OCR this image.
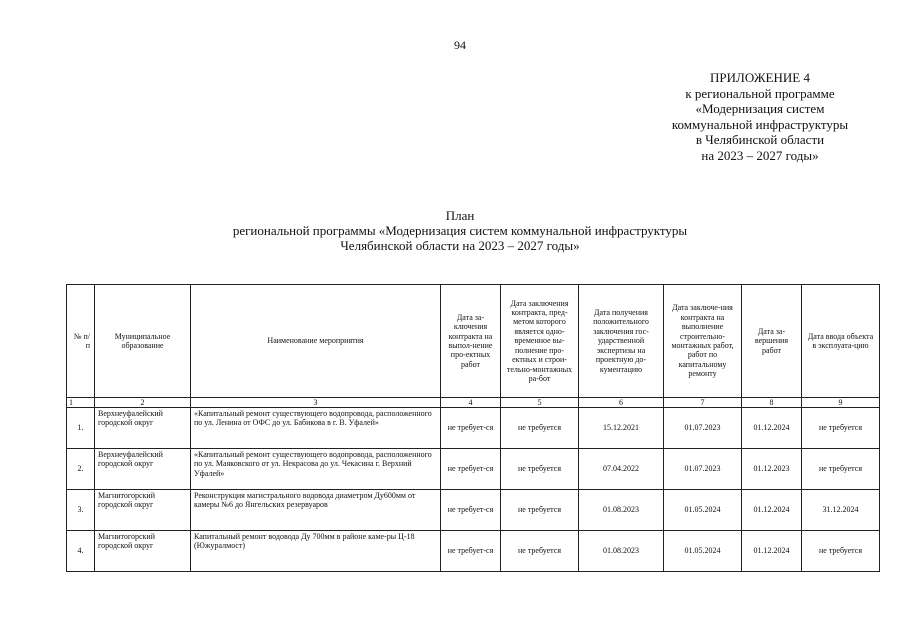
94
ПРИЛОЖЕНИЕ 4
к региональной программе
«Модернизация систем
коммунальной инфраструктуры
в Челябинской области
на 2023 – 2027 годы»
План
региональной программы «Модернизация систем коммунальной инфраструктуры
Челябинской области на 2023 – 2027 годы»
№ п/п	Муниципальное образование	Наименование мероприятия	Дата за-ключения контракта на выпол-нение про-ектных работ	Дата заключения контракта, пред-метом которого является одно-временное вы-полнение про-ектных и строи-тельно-монтажных ра-бот	Дата получения положительного заключения гос-ударственной экспертизы на проектную до-кументацию	Дата заключе-ния контракта на выполнение строительно-монтажных работ, работ по капитальному ремонту	Дата за-вершения работ	Дата ввода объекта в эксплуата-цию
1	2	3	4	5	6	7	8	9
1.	Верхнеуфалейский городской округ	«Капитальный ремонт существующего водопровода, расположенного по ул. Ленина от ОФС до ул. Бабикова в г. В. Уфалей»	не требует-ся	не требуется	15.12.2021	01.07.2023	01.12.2024	не требуется
2.	Верхнеуфалейский городской округ	«Капитальный ремонт существующего водопровода, расположенного по ул. Маяковского от ул. Некрасова до ул. Чекасина г. Верхний Уфалей»	не требует-ся	не требуется	07.04.2022	01.07.2023	01.12.2023	не требуется
3.	Магнитогорский городской округ	Реконструкция магистрального водовода диаметром Ду600мм от камеры №6 до Янгельских резервуаров	не требует-ся	не требуется	01.08.2023	01.05.2024	01.12.2024	31.12.2024
4.	Магнитогорский городской округ	Капитальный ремонт водовода Ду 700мм в районе каме-ры Ц-18 (Южуралмост)	не требует-ся	не требуется	01.08.2023	01.05.2024	01.12.2024	не требуется
